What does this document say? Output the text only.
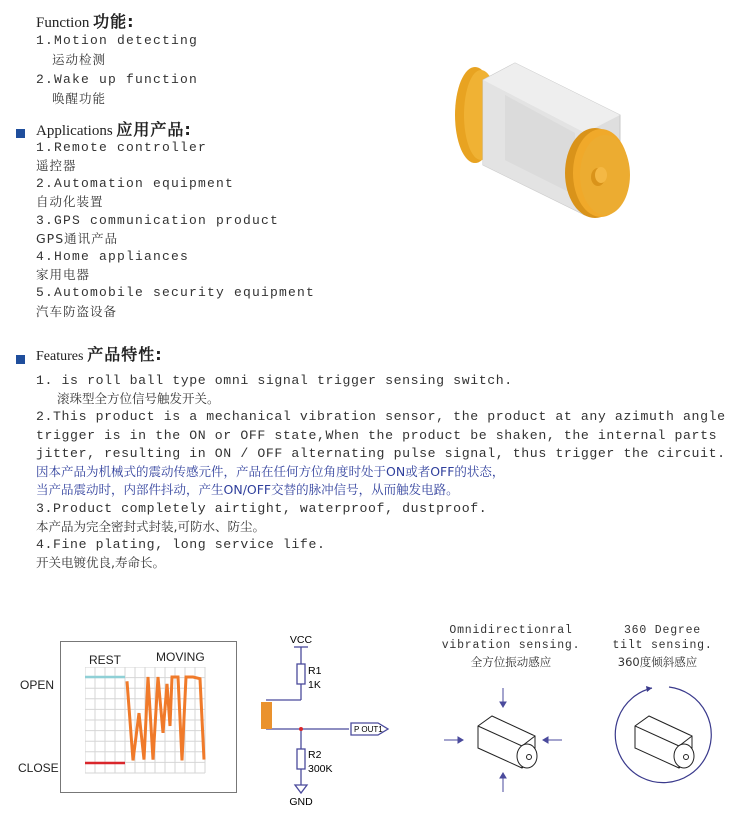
Function 功能:
1.Motion detecting
运动检测
2.Wake up function
唤醒功能
Applications 应用产品:
1.Remote controller
遥控器
2.Automation equipment
自动化装置
3.GPS communication product
GPS通讯产品
4.Home appliances
家用电器
5.Automobile security equipment
汽车防盗设备
Features 产品特性:
1. is roll ball type omni signal trigger sensing switch.
滚珠型全方位信号触发开关。
2.This product is a mechanical vibration sensor, the product at any azimuth angle
trigger is in the ON or OFF state,When the product be shaken, the internal parts
jitter, resulting in ON / OFF alternating pulse signal, thus trigger the circuit.
因本产品为机械式的震动传感元件，产品在任何方位角度时处于ON或者OFF的状态，
当产品震动时，内部件抖动，产生ON/OFF交替的脉冲信号，从而触发电路。
3.Product completely airtight, waterproof, dustproof.
本产品为完全密封式封装,可防水、防尘。
4.Fine plating, long service life.
开关电镀优良,寿命长。
OPEN
CLOSE
REST	MOVING
VCC
R1
1K
R2
300K
GND
P OUT1
Omnidirectionral
vibration sensing.
全方位振动感应
360 Degree
tilt sensing.
360度倾斜感应
